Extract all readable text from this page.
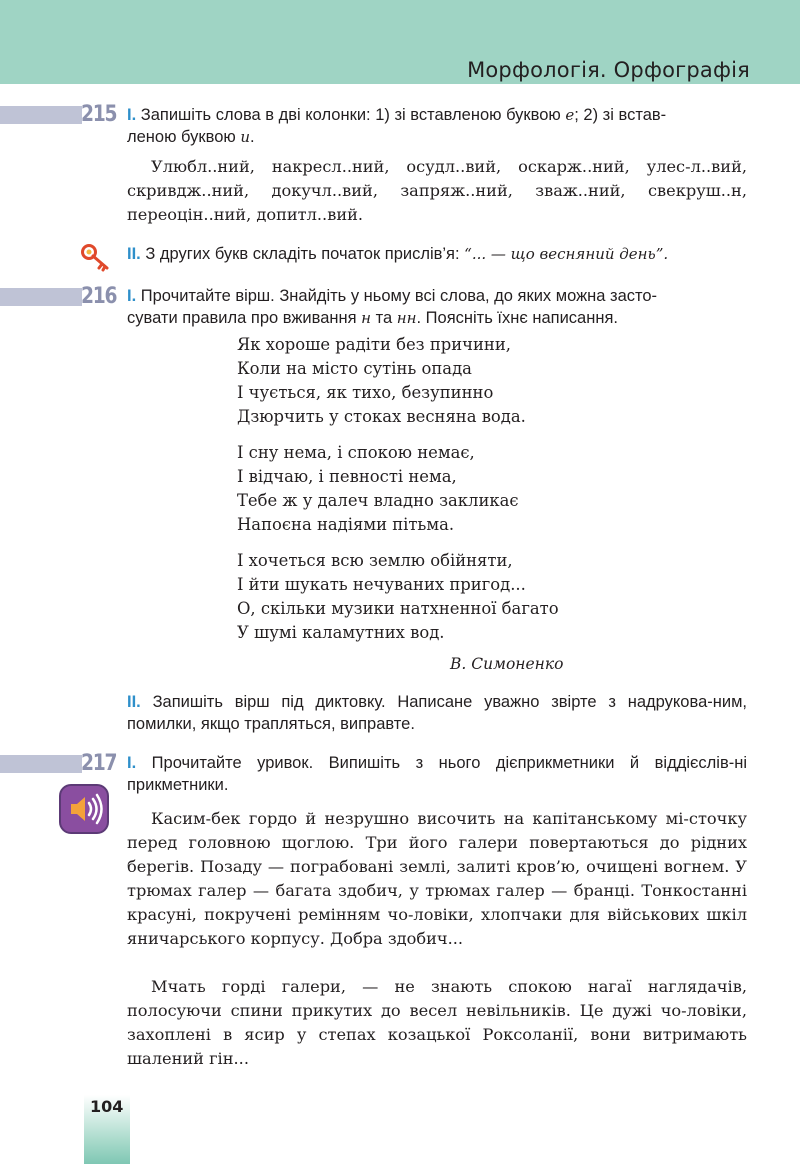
Морфологія. Орфографія
215 I. Запишіть слова в дві колонки: 1) зі вставленою буквою е; 2) зі встав-
леною буквою и.
Улюбл..ний, накресл..ний, осудл..вий, оскарж..ний, улес-л..вий, скривдж..ний, докучл..вий, запряж..ний, зваж..ний, свекруш..н, переоцін..ний, допитл..вий.
II. З других букв складіть початок прислів’я: “... — що весняний день”.
216 I. Прочитайте вірш. Знайдіть у ньому всі слова, до яких можна засто-
сувати правила про вживання н та нн. Поясніть їхнє написання.
Як хороше радіти без причини,
Коли на місто сутінь опада
І чується, як тихо, безупинно
Дзюрчить у стоках весняна вода.
І сну нема, і спокою немає,
І відчаю, і певності нема,
Тебе ж у далеч владно закликає
Напоєна надіями пітьма.
І хочеться всю землю обійняти,
І йти шукать нечуваних пригод...
О, скільки музики натхненної багато
У шумі каламутних вод.
В. Симоненко
II. Запишіть вірш під диктовку. Написане уважно звірте з надрукова-ним, помилки, якщо трапляться, виправте.
217 I. Прочитайте уривок. Випишіть з нього дієприкметники й віддієслів-ні прикметники.
Касим-бек гордо й незрушно височить на капітанському мі-сточку перед головною щоглою. Три його галери повертаються до рідних берегів. Позаду — пограбовані землі, залиті кров’ю, очищені вогнем. У трюмах галер — багата здобич, у трюмах галер — бранці. Тонкостанні красуні, покручені ремінням чо-ловіки, хлопчаки для військових шкіл яничарського корпусу. Добра здобич...
Мчать горді галери, — не знають спокою нагаї наглядачів, полосуючи спини прикутих до весел невільників. Це дужі чо-ловіки, захоплені в ясир у степах козацької Роксоланії, вони витримають шалений гін...
104
